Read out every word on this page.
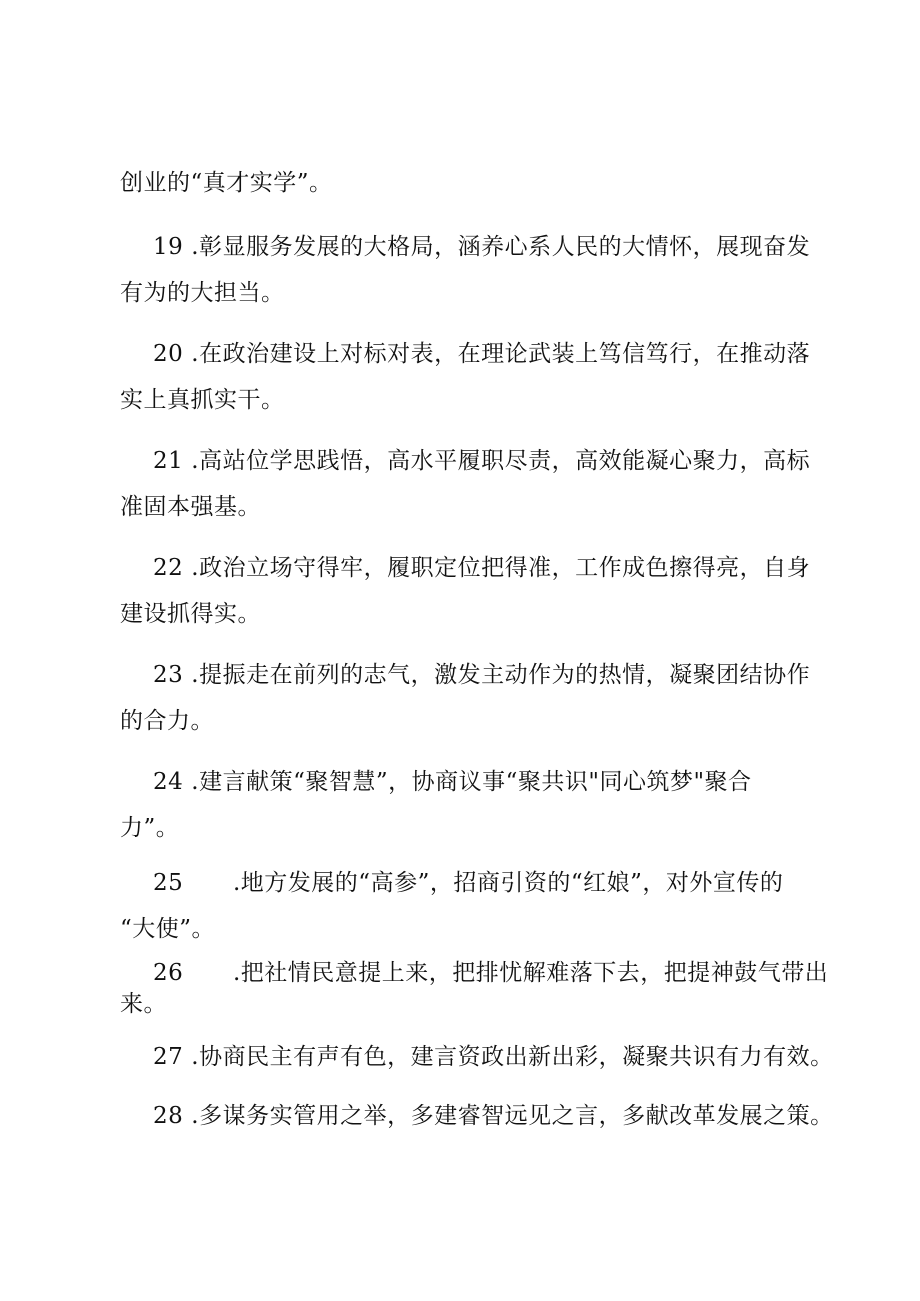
创业的“真才实学”。
19 .彰显服务发展的大格局，涵养心系人民的大情怀，展现奋发
有为的大担当。
20 .在政治建设上对标对表，在理论武装上笃信笃行，在推动落
实上真抓实干。
21 .高站位学思践悟，高水平履职尽责，高效能凝心聚力，高标
准固本强基。
22 .政治立场守得牢，履职定位把得准，工作成色擦得亮，自身
建设抓得实。
23 .提振走在前列的志气，激发主动作为的热情，凝聚团结协作
的合力。
24 .建言献策“聚智慧”，协商议事“聚共识"同心筑梦"聚合
力”。
25 .地方发展的“高参”，招商引资的“红娘”，对外宣传的
“大使”。
26 .把社情民意提上来，把排忧解难落下去，把提神鼓气带出
来。
27 .协商民主有声有色，建言资政出新出彩，凝聚共识有力有效。
28 .多谋务实管用之举，多建睿智远见之言，多献改革发展之策。
